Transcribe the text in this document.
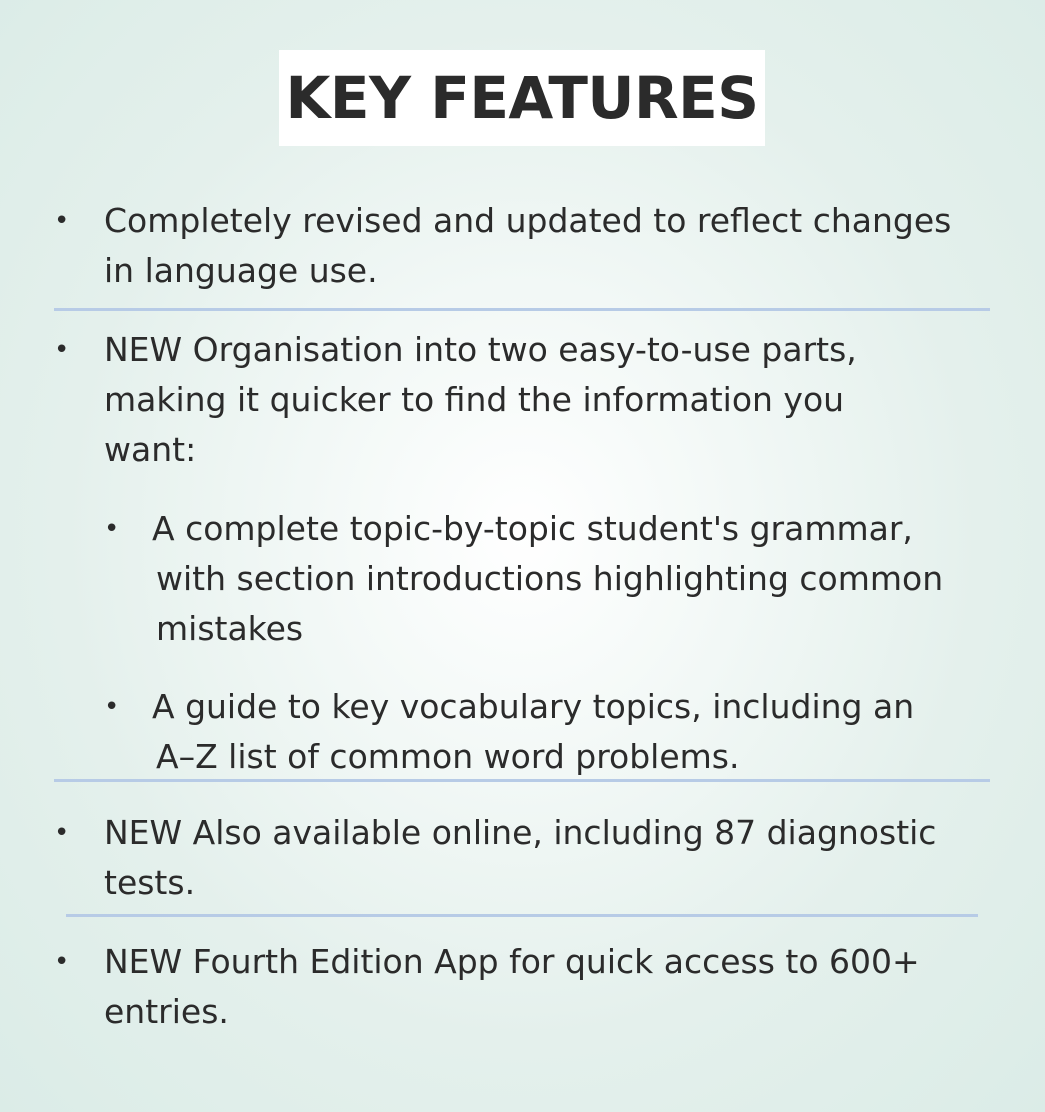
KEY FEATURES
• Completely revised and updated to reflect changes
in language use.
• NEW Organisation into two easy-to-use parts,
making it quicker to find the information you
want:
• A complete topic-by-topic student's grammar,
with section introductions highlighting common
mistakes
• A guide to key vocabulary topics, including an
A–Z list of common word problems.
• NEW Also available online, including 87 diagnostic
tests.
• NEW Fourth Edition App for quick access to 600+
entries.
